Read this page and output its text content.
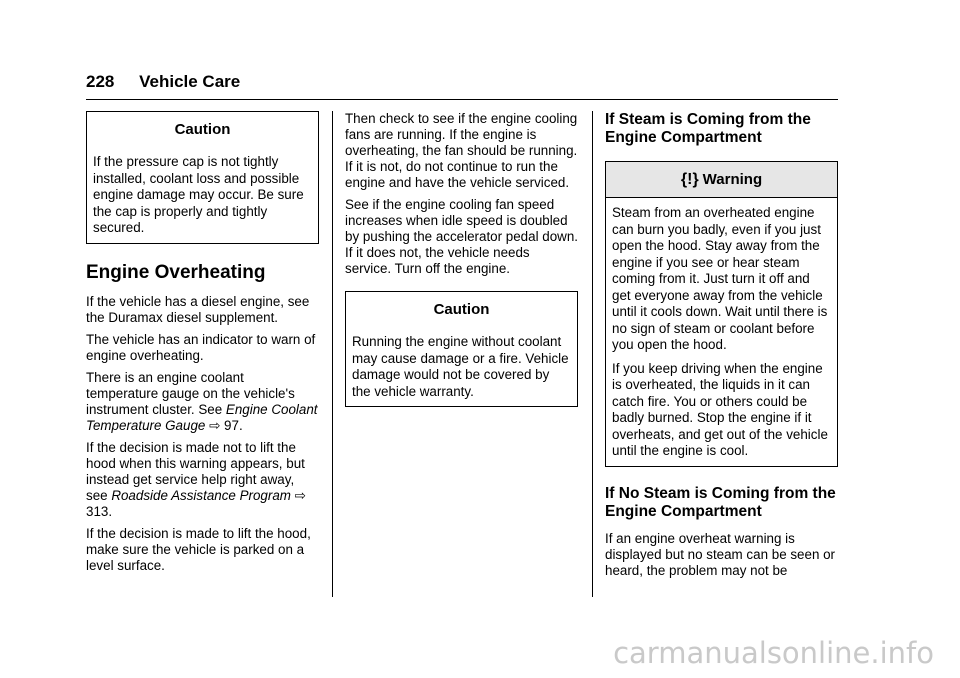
228 Vehicle Care
Caution

If the pressure cap is not tightly installed, coolant loss and possible engine damage may occur. Be sure the cap is properly and tightly secured.

Engine Overheating

If the vehicle has a diesel engine, see the Duramax diesel supplement.

The vehicle has an indicator to warn of engine overheating.

There is an engine coolant temperature gauge on the vehicle's instrument cluster. See Engine Coolant Temperature Gauge ⇨ 97.

If the decision is made not to lift the hood when this warning appears, but instead get service help right away, see Roadside Assistance Program ⇨ 313.

If the decision is made to lift the hood, make sure the vehicle is parked on a level surface.

Then check to see if the engine cooling fans are running. If the engine is overheating, the fan should be running. If it is not, do not continue to run the engine and have the vehicle serviced.

See if the engine cooling fan speed increases when idle speed is doubled by pushing the accelerator pedal down. If it does not, the vehicle needs service. Turn off the engine.

Caution

Running the engine without coolant may cause damage or a fire. Vehicle damage would not be covered by the vehicle warranty.

If Steam is Coming from the Engine Compartment
{!} Warning

Steam from an overheated engine can burn you badly, even if you just open the hood. Stay away from the engine if you see or hear steam coming from it. Just turn it off and get everyone away from the vehicle until it cools down. Wait until there is no sign of steam or coolant before you open the hood.

If you keep driving when the engine is overheated, the liquids in it can catch fire. You or others could be badly burned. Stop the engine if it overheats, and get out of the vehicle until the engine is cool.

If No Steam is Coming from the Engine Compartment

If an engine overheat warning is displayed but no steam can be seen or heard, the problem may not be

carmanualsonline.info
